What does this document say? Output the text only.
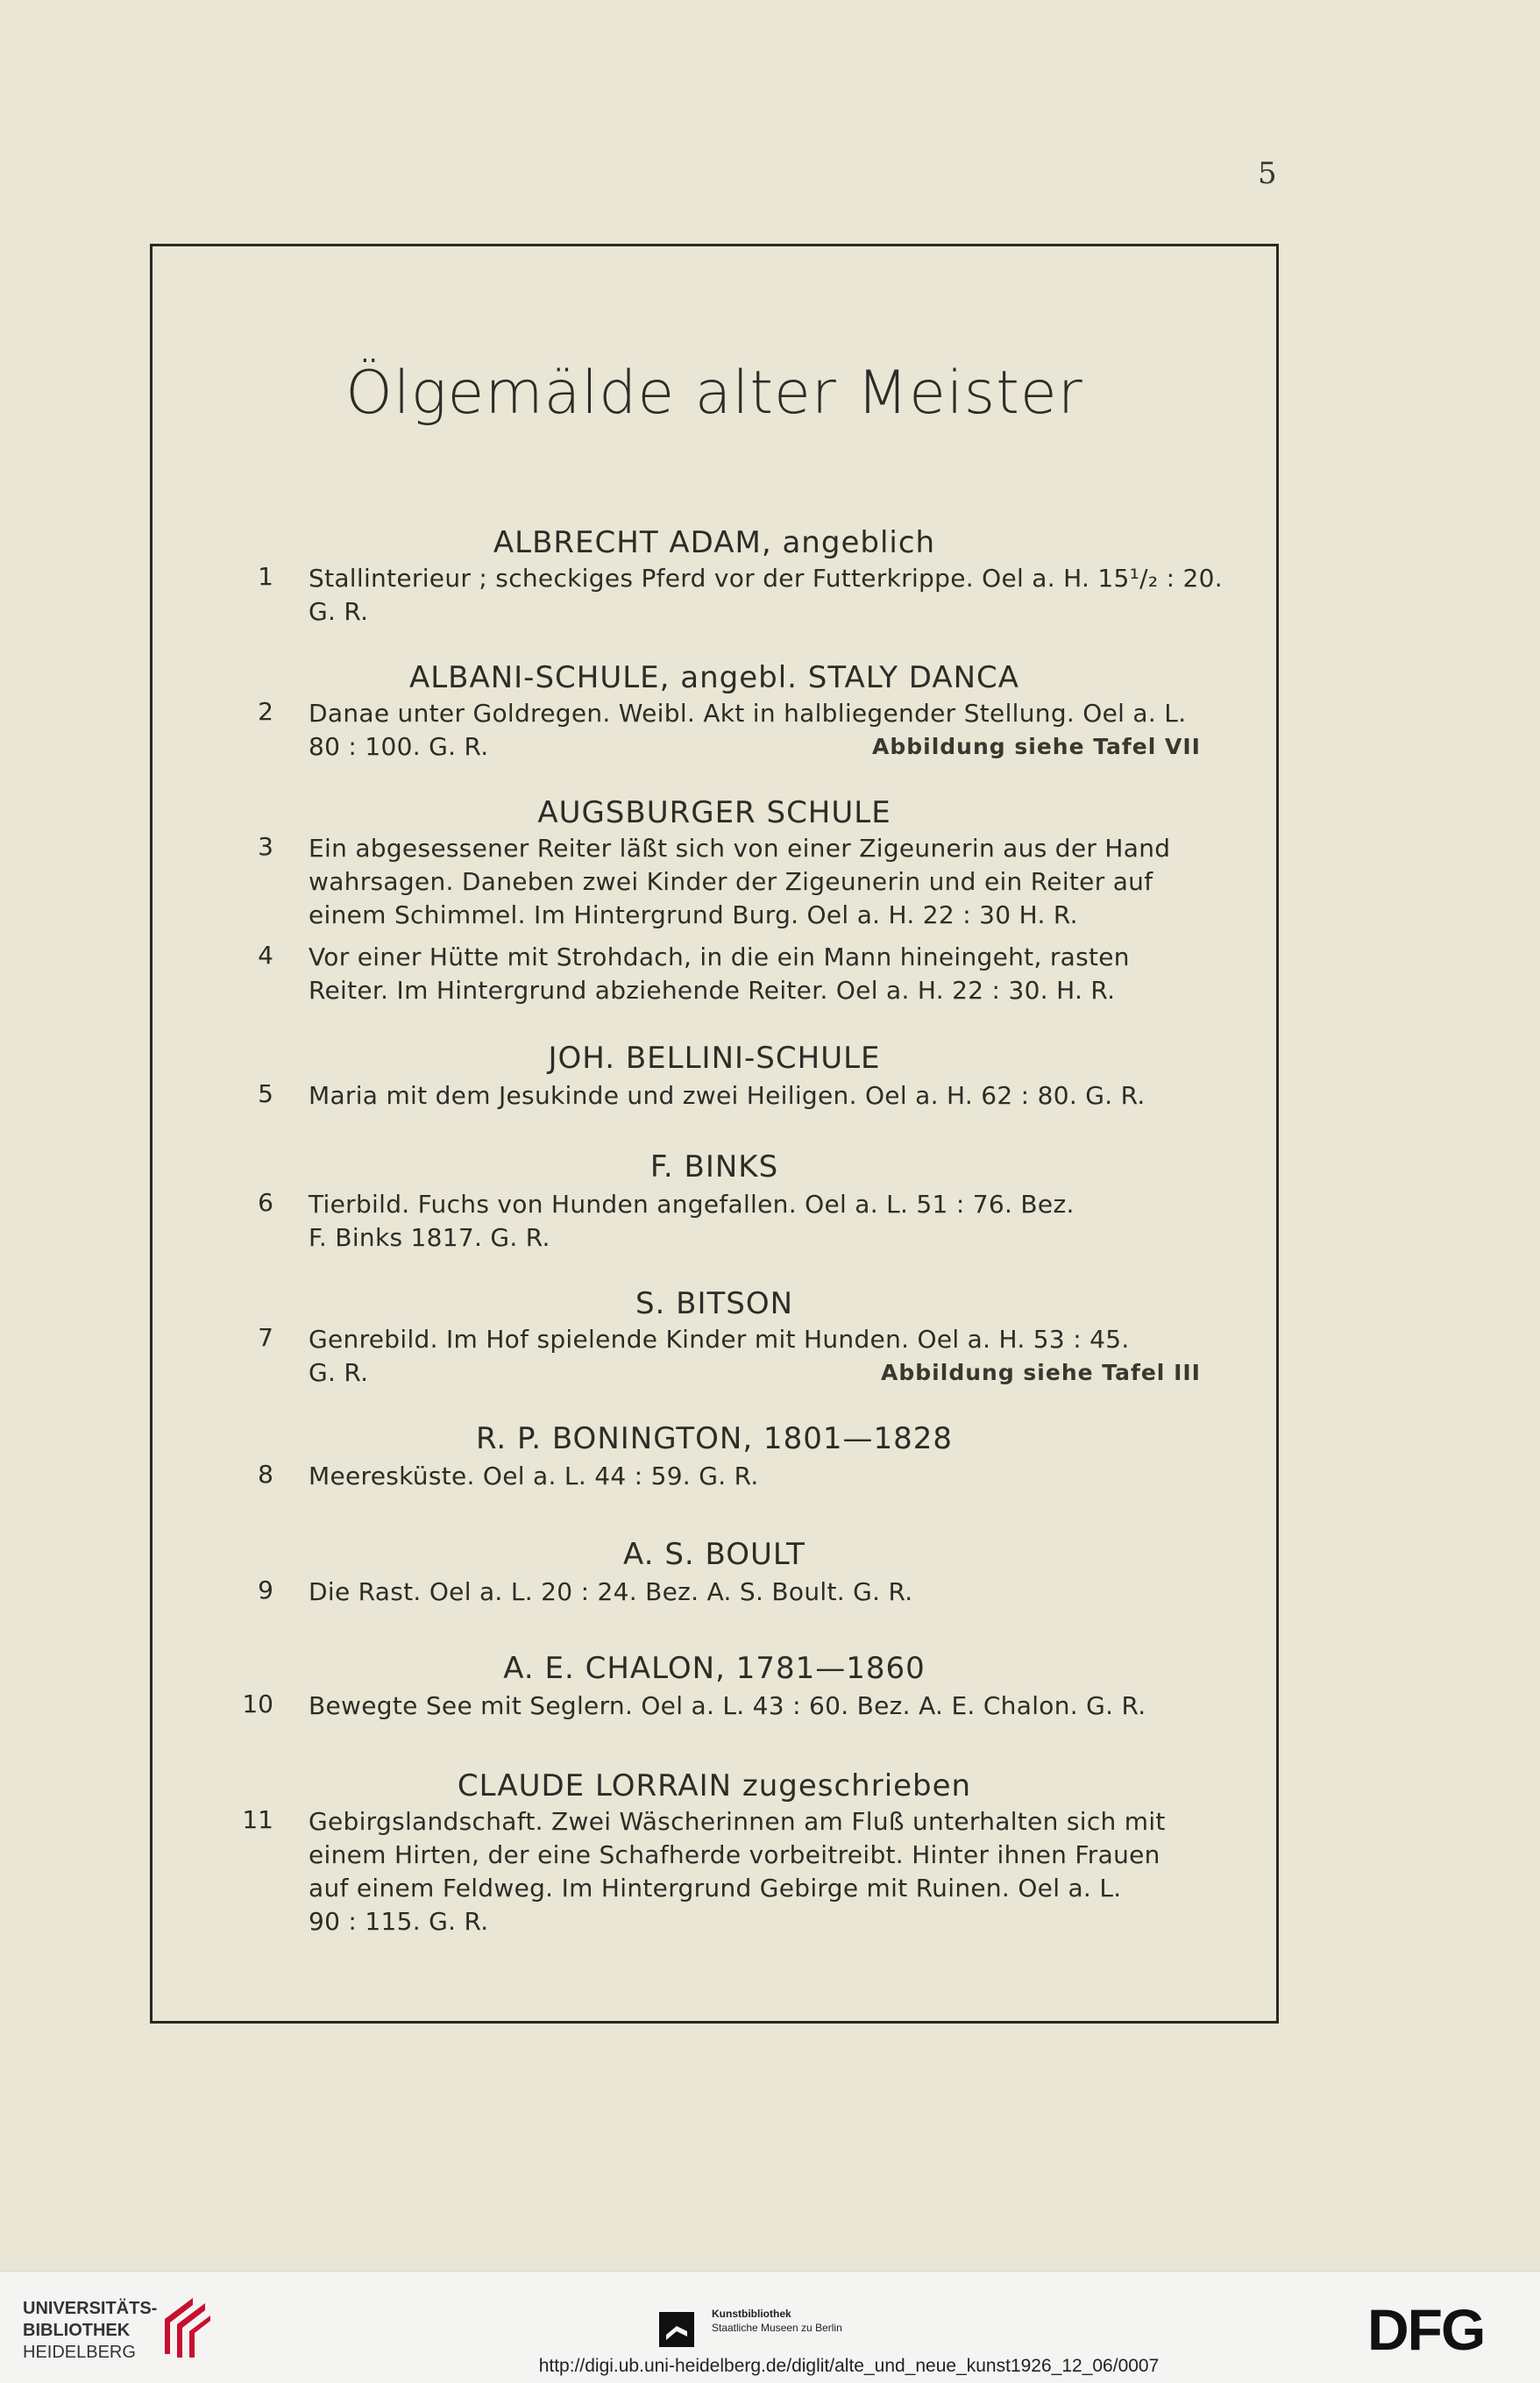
5
Ölgemälde alter Meister
ALBRECHT ADAM, angeblich
1 Stallinterieur ; scheckiges Pferd vor der Futterkrippe. Oel a. H. 15¹/₂ : 20.
G. R.
ALBANI-SCHULE, angebl. STALY DANCA
2 Danae unter Goldregen. Weibl. Akt in halbliegender Stellung. Oel a. L.
80 : 100. G. R.	Abbildung siehe Tafel VII
AUGSBURGER SCHULE
3 Ein abgesessener Reiter läßt sich von einer Zigeunerin aus der Hand
wahrsagen. Daneben zwei Kinder der Zigeunerin und ein Reiter auf
einem Schimmel. Im Hintergrund Burg. Oel a. H. 22 : 30 H. R.
4 Vor einer Hütte mit Strohdach, in die ein Mann hineingeht, rasten
Reiter. Im Hintergrund abziehende Reiter. Oel a. H. 22 : 30. H. R.
JOH. BELLINI-SCHULE
5 Maria mit dem Jesukinde und zwei Heiligen. Oel a. H. 62 : 80. G. R.
F. BINKS
6 Tierbild. Fuchs von Hunden angefallen. Oel a. L. 51 : 76. Bez.
F. Binks 1817. G. R.
S. BITSON
7 Genrebild. Im Hof spielende Kinder mit Hunden. Oel a. H. 53 : 45.
G. R.	Abbildung siehe Tafel III
R. P. BONINGTON, 1801—1828
8 Meeresküste. Oel a. L. 44 : 59. G. R.
A. S. BOULT
9 Die Rast. Oel a. L. 20 : 24. Bez. A. S. Boult. G. R.
A. E. CHALON, 1781—1860
10 Bewegte See mit Seglern. Oel a. L. 43 : 60. Bez. A. E. Chalon. G. R.
CLAUDE LORRAIN zugeschrieben
11 Gebirgslandschaft. Zwei Wäscherinnen am Fluß unterhalten sich mit
einem Hirten, der eine Schafherde vorbeitreibt. Hinter ihnen Frauen
auf einem Feldweg. Im Hintergrund Gebirge mit Ruinen. Oel a. L.
90 : 115. G. R.
UNIVERSITÄTS-
BIBLIOTHEK
HEIDELBERG
Kunstbibliothek
Staatliche Museen zu Berlin	DFG
http://digi.ub.uni-heidelberg.de/diglit/alte_und_neue_kunst1926_12_06/0007
